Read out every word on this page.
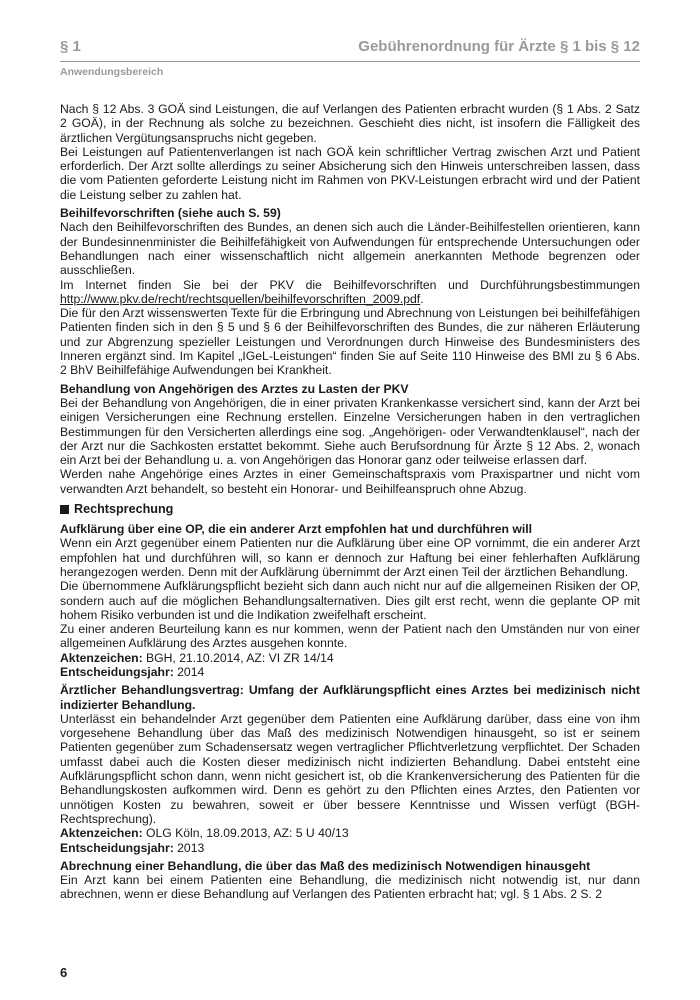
§ 1	Gebührenordnung für Ärzte § 1 bis § 12
Anwendungsbereich

Nach § 12 Abs. 3 GOÄ sind Leistungen, die auf Verlangen des Patienten erbracht wurden (§ 1 Abs. 2 Satz 2 GOÄ), in der Rechnung als solche zu bezeichnen. Geschieht dies nicht, ist insofern die Fälligkeit des ärztlichen Vergütungsanspruchs nicht gegeben.

Bei Leistungen auf Patientenverlangen ist nach GOÄ kein schriftlicher Vertrag zwischen Arzt und Patient erforderlich. Der Arzt sollte allerdings zu seiner Absicherung sich den Hinweis unterschreiben lassen, dass die vom Patienten geforderte Leistung nicht im Rahmen von PKV-Leistungen erbracht wird und der Patient die Leistung selber zu zahlen hat.

Beihilfevorschriften (siehe auch S. 59)

Nach den Beihilfevorschriften des Bundes, an denen sich auch die Länder-Beihilfestellen orientieren, kann der Bundesinnenminister die Beihilfefähigkeit von Aufwendungen für entsprechende Untersuchungen oder Behandlungen nach einer wissenschaftlich nicht allgemein anerkannten Methode begrenzen oder ausschließen.

Im Internet finden Sie bei der PKV die Beihilfevorschriften und Durchführungsbestimmungen http://www.pkv.de/recht/rechtsquellen/beihilfevorschriften_2009.pdf.

Die für den Arzt wissenswerten Texte für die Erbringung und Abrechnung von Leistungen bei beihilfefähigen Patienten finden sich in den § 5 und § 6 der Beihilfevorschriften des Bundes, die zur näheren Erläuterung und zur Abgrenzung spezieller Leistungen und Verordnungen durch Hinweise des Bundesministers des Inneren ergänzt sind. Im Kapitel „IGeL-Leistungen“ finden Sie auf Seite 110 Hinweise des BMI zu § 6 Abs. 2 BhV Beihilfefähige Aufwendungen bei Krankheit.

Behandlung von Angehörigen des Arztes zu Lasten der PKV

Bei der Behandlung von Angehörigen, die in einer privaten Krankenkasse versichert sind, kann der Arzt bei einigen Versicherungen eine Rechnung erstellen. Einzelne Versicherungen haben in den vertraglichen Bestimmungen für den Versicherten allerdings eine sog. „Angehörigen- oder Verwandtenklausel“, nach der der Arzt nur die Sachkosten erstattet bekommt. Siehe auch Berufsordnung für Ärzte § 12 Abs. 2, wonach ein Arzt bei der Behandlung u. a. von Angehörigen das Honorar ganz oder teilweise erlassen darf.

Werden nahe Angehörige eines Arztes in einer Gemeinschaftspraxis vom Praxispartner und nicht vom verwandten Arzt behandelt, so besteht ein Honorar- und Beihilfeanspruch ohne Abzug.

Rechtsprechung
Aufklärung über eine OP, die ein anderer Arzt empfohlen hat und durchführen will

Wenn ein Arzt gegenüber einem Patienten nur die Aufklärung über eine OP vornimmt, die ein anderer Arzt empfohlen hat und durchführen will, so kann er dennoch zur Haftung bei einer fehlerhaften Aufklärung herangezogen werden. Denn mit der Aufklärung übernimmt der Arzt einen Teil der ärztlichen Behandlung.

Die übernommene Aufklärungspflicht bezieht sich dann auch nicht nur auf die allgemeinen Risiken der OP, sondern auch auf die möglichen Behandlungsalternativen. Dies gilt erst recht, wenn die geplante OP mit hohem Risiko verbunden ist und die Indikation zweifelhaft erscheint.

Zu einer anderen Beurteilung kann es nur kommen, wenn der Patient nach den Umständen nur von einer allgemeinen Aufklärung des Arztes ausgehen konnte.

Aktenzeichen: BGH, 21.10.2014, AZ: VI ZR 14/14

Entscheidungsjahr: 2014

Ärztlicher Behandlungsvertrag: Umfang der Aufklärungspflicht eines Arztes bei medizinisch nicht indizierter Behandlung.

Unterlässt ein behandelnder Arzt gegenüber dem Patienten eine Aufklärung darüber, dass eine von ihm vorgesehene Behandlung über das Maß des medizinisch Notwendigen hinausgeht, so ist er seinem Patienten gegenüber zum Schadensersatz wegen vertraglicher Pflichtverletzung verpflichtet. Der Schaden umfasst dabei auch die Kosten dieser medizinisch nicht indizierten Behandlung. Dabei entsteht eine Aufklärungspflicht schon dann, wenn nicht gesichert ist, ob die Krankenversicherung des Patienten für die Behandlungskosten aufkommen wird. Denn es gehört zu den Pflichten eines Arztes, den Patienten vor unnötigen Kosten zu bewahren, soweit er über bessere Kenntnisse und Wissen verfügt (BGH-Rechtsprechung).

Aktenzeichen: OLG Köln, 18.09.2013, AZ: 5 U 40/13

Entscheidungsjahr: 2013

Abrechnung einer Behandlung, die über das Maß des medizinisch Notwendigen hinausgeht

Ein Arzt kann bei einem Patienten eine Behandlung, die medizinisch nicht notwendig ist, nur dann abrechnen, wenn er diese Behandlung auf Verlangen des Patienten erbracht hat; vgl. § 1 Abs. 2 S. 2

6
